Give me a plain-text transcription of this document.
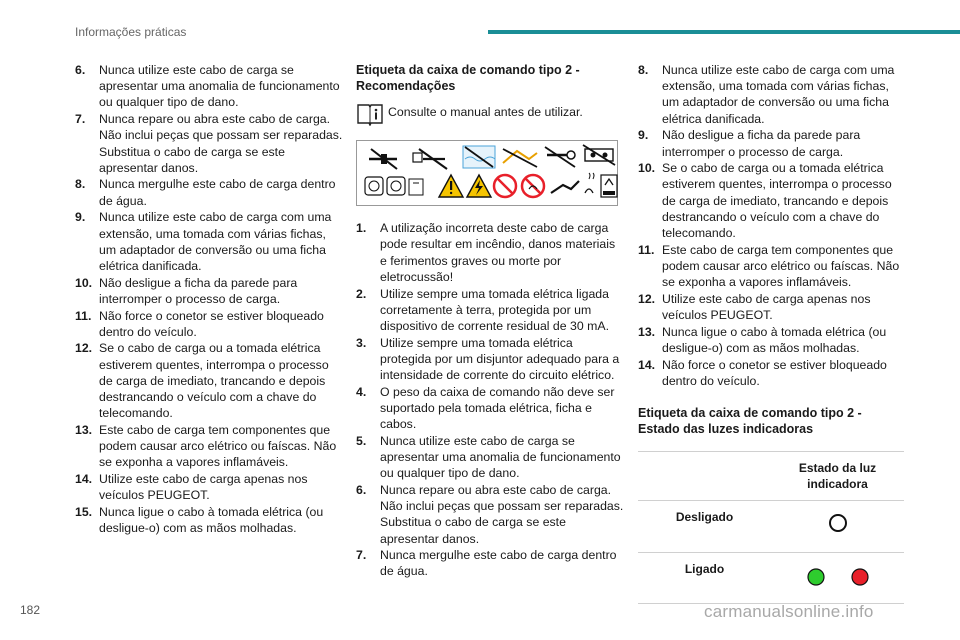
Informações práticas
6.	Nunca utilize este cabo de carga se apresentar uma anomalia de funcionamento ou qualquer tipo de dano.
7.	Nunca repare ou abra este cabo de carga. Não inclui peças que possam ser reparadas. Substitua o cabo de carga se este apresentar danos.
8.	Nunca mergulhe este cabo de carga dentro de água.
9.	Nunca utilize este cabo de carga com uma extensão, uma tomada com várias fichas, um adaptador de conversão ou uma ficha elétrica danificada.
10. Não desligue a ficha da parede para interromper o processo de carga.
11. Não force o conetor se estiver bloqueado dentro do veículo.
12. Se o cabo de carga ou a tomada elétrica estiverem quentes, interrompa o processo de carga de imediato, trancando e depois destrancando o veículo com a chave do telecomando.
13. Este cabo de carga tem componentes que podem causar arco elétrico ou faíscas. Não se exponha a vapores inflamáveis.
14. Utilize este cabo de carga apenas nos veículos PEUGEOT.
15. Nunca ligue o cabo à tomada elétrica (ou desligue-o) com as mãos molhadas.
Etiqueta da caixa de comando tipo 2 - Recomendações
Consulte o manual antes de utilizar.
1.	A utilização incorreta deste cabo de carga pode resultar em incêndio, danos materiais e ferimentos graves ou morte por eletrocussão!
2.	Utilize sempre uma tomada elétrica ligada corretamente à terra, protegida por um dispositivo de corrente residual de 30 mA.
3.	Utilize sempre uma tomada elétrica protegida por um disjuntor adequado para a intensidade de corrente do circuito elétrico.
4.	O peso da caixa de comando não deve ser suportado pela tomada elétrica, ficha e cabos.
5.	Nunca utilize este cabo de carga se apresentar uma anomalia de funcionamento ou qualquer tipo de dano.
6.	Nunca repare ou abra este cabo de carga. Não inclui peças que possam ser reparadas. Substitua o cabo de carga se este apresentar danos.
7.	Nunca mergulhe este cabo de carga dentro de água.
8.	Nunca utilize este cabo de carga com uma extensão, uma tomada com várias fichas, um adaptador de conversão ou uma ficha elétrica danificada.
9.	Não desligue a ficha da parede para interromper o processo de carga.
10. Se o cabo de carga ou a tomada elétrica estiverem quentes, interrompa o processo de carga de imediato, trancando e depois destrancando o veículo com a chave do telecomando.
11. Este cabo de carga tem componentes que podem causar arco elétrico ou faíscas. Não se exponha a vapores inflamáveis.
12. Utilize este cabo de carga apenas nos veículos PEUGEOT.
13. Nunca ligue o cabo à tomada elétrica (ou desligue-o) com as mãos molhadas.
14. Não force o conetor se estiver bloqueado dentro do veículo.
Etiqueta da caixa de comando tipo 2 - Estado das luzes indicadoras
	Estado da luz indicadora
Desligado	
Ligado	
182	carmanualsonline.info
